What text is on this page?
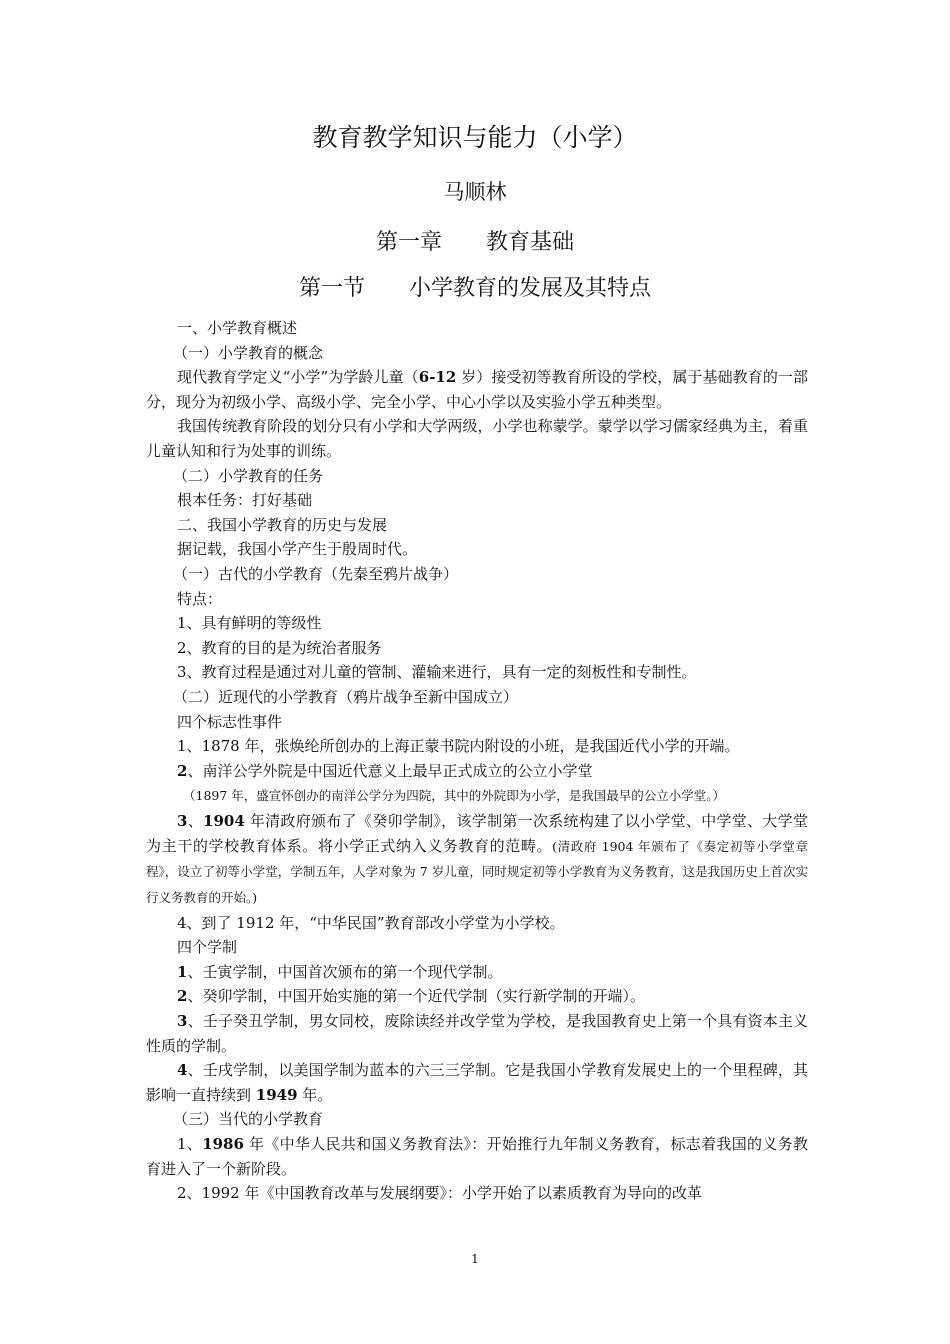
教育教学知识与能力（小学）
马顺林
第一章 教育基础
第一节 小学教育的发展及其特点

一、小学教育概述

（一）小学教育的概念

现代教育学定义“小学”为学龄儿童（6-12 岁）接受初等教育所设的学校，属于基础教育的一部分，现分为初级小学、高级小学、完全小学、中心小学以及实验小学五种类型。

我国传统教育阶段的划分只有小学和大学两级，小学也称蒙学。蒙学以学习儒家经典为主，着重儿童认知和行为处事的训练。

（二）小学教育的任务

根本任务：打好基础

二、我国小学教育的历史与发展

据记载，我国小学产生于殷周时代。

（一）古代的小学教育（先秦至鸦片战争）

特点：

1、具有鲜明的等级性

2、教育的目的是为统治者服务

3、教育过程是通过对儿童的管制、灌输来进行，具有一定的刻板性和专制性。

（二）近现代的小学教育（鸦片战争至新中国成立）

四个标志性事件

1、1878 年，张焕纶所创办的上海正蒙书院内附设的小班，是我国近代小学的开端。

2、南洋公学外院是中国近代意义上最早正式成立的公立小学堂

（1897 年，盛宣怀创办的南洋公学分为四院，其中的外院即为小学，是我国最早的公立小学堂。）

3、1904 年清政府颁布了《癸卯学制》，该学制第一次系统构建了以小学堂、中学堂、大学堂为主干的学校教育体系。将小学正式纳入义务教育的范畴。(清政府 1904 年颁布了《奏定初等小学堂章程》，设立了初等小学堂，学制五年，人学对象为 7 岁儿童，同时规定初等小学教育为义务教育，这是我国历史上首次实行义务教育的开始。)

4、到了 1912 年，“中华民国”教育部改小学堂为小学校。

四个学制

1、壬寅学制，中国首次颁布的第一个现代学制。

2、癸卯学制，中国开始实施的第一个近代学制（实行新学制的开端）。

3、壬子癸丑学制，男女同校，废除读经并改学堂为学校，是我国教育史上第一个具有资本主义性质的学制。

4、壬戌学制，以美国学制为蓝本的六三三学制。它是我国小学教育发展史上的一个里程碑，其影响一直持续到 1949 年。

（三）当代的小学教育

1、1986 年《中华人民共和国义务教育法》：开始推行九年制义务教育，标志着我国的义务教育进入了一个新阶段。

2、1992 年《中国教育改革与发展纲要》：小学开始了以素质教育为导向的改革

1
